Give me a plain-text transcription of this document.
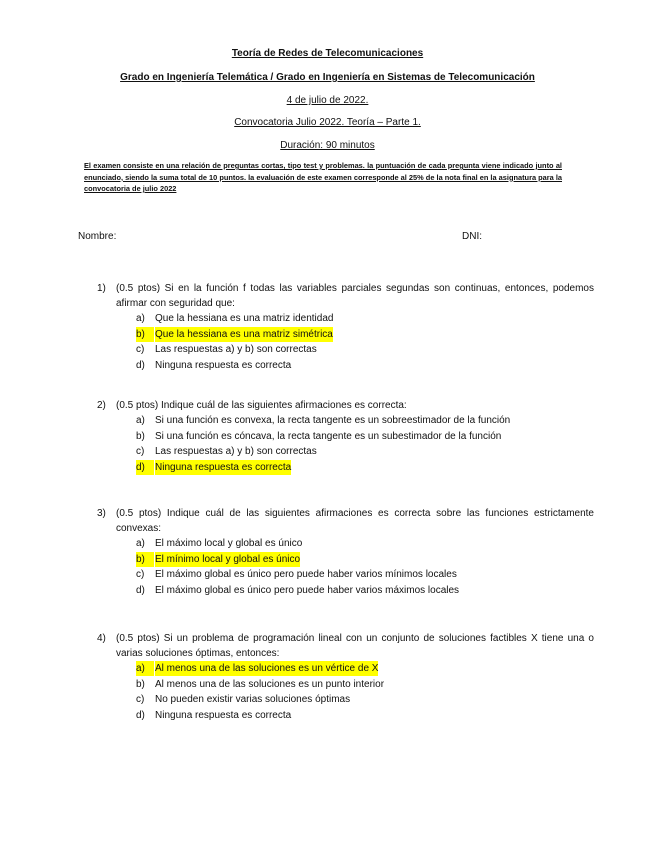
Teoría de Redes de Telecomunicaciones
Grado en Ingeniería Telemática / Grado en Ingeniería en Sistemas de Telecomunicación
4 de julio de 2022.
Convocatoria Julio 2022. Teoría – Parte 1.
Duración: 90 minutos
El examen consiste en una relación de preguntas cortas, tipo test y problemas. la puntuación de cada pregunta viene indicado junto al enunciado, siendo la suma total de 10 puntos. la evaluación de este examen corresponde al 25% de la nota final en la asignatura para la convocatoria de julio 2022
Nombre:	DNI:
1) (0.5 ptos) Si en la función f todas las variables parciales segundas son continuas, entonces, podemos afirmar con seguridad que:
a) Que la hessiana es una matriz identidad
b)	Que la hessiana es una matriz simétrica
c) Las respuestas a) y b) son correctas
d) Ninguna respuesta es correcta
2) (0.5 ptos) Indique cuál de las siguientes afirmaciones es correcta:
a) Si una función es convexa, la recta tangente es un sobreestimador de la función
b) Si una función es cóncava, la recta tangente es un subestimador de la función
c) Las respuestas a) y b) son correctas
d)	Ninguna respuesta es correcta
3) (0.5 ptos) Indique cuál de las siguientes afirmaciones es correcta sobre las funciones estrictamente convexas:
a) El máximo local y global es único
b)	El mínimo local y global es único
c) El máximo global es único pero puede haber varios mínimos locales
d) El máximo global es único pero puede haber varios máximos locales
4) (0.5 ptos) Si un problema de programación lineal con un conjunto de soluciones factibles X tiene una o varias soluciones óptimas, entonces:
a)	Al menos una de las soluciones es un vértice de X
b) Al menos una de las soluciones es un punto interior
c) No pueden existir varias soluciones óptimas
d) Ninguna respuesta es correcta
